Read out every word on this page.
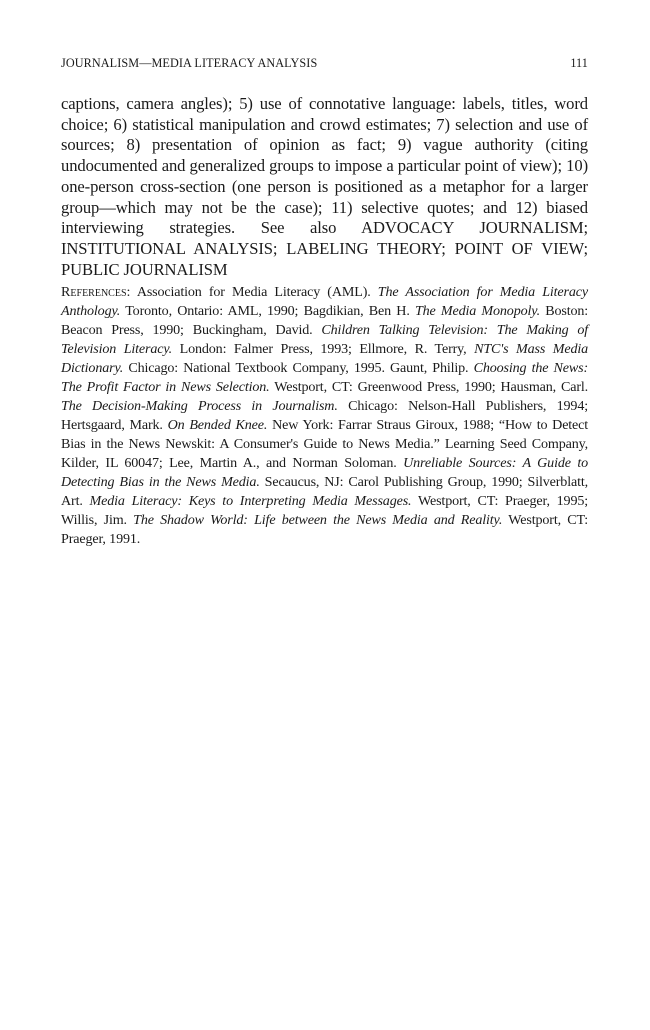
JOURNALISM—MEDIA LITERACY ANALYSIS	111

captions, camera angles); 5) use of connotative language: labels, titles, word choice; 6) statistical manipulation and crowd estimates; 7) selection and use of sources; 8) presentation of opinion as fact; 9) vague authority (citing undocumented and generalized groups to impose a particular point of view); 10) one-person cross-section (one person is positioned as a metaphor for a larger group—which may not be the case); 11) selective quotes; and 12) biased interviewing strategies. See also ADVOCACY JOURNALISM; INSTITUTIONAL ANALYSIS; LABELING THEORY; POINT OF VIEW; PUBLIC JOURNALISM

References: Association for Media Literacy (AML). The Association for Media Literacy Anthology. Toronto, Ontario: AML, 1990; Bagdikian, Ben H. The Media Monopoly. Boston: Beacon Press, 1990; Buckingham, David. Children Talking Television: The Making of Television Literacy. London: Falmer Press, 1993; Ellmore, R. Terry, NTC's Mass Media Dictionary. Chicago: National Textbook Company, 1995. Gaunt, Philip. Choosing the News: The Profit Factor in News Selection. Westport, CT: Greenwood Press, 1990; Hausman, Carl. The Decision-Making Process in Journalism. Chicago: Nelson-Hall Publishers, 1994; Hertsgaard, Mark. On Bended Knee. New York: Farrar Straus Giroux, 1988; “How to Detect Bias in the News Newskit: A Consumer's Guide to News Media.” Learning Seed Company, Kilder, IL 60047; Lee, Martin A., and Norman Soloman. Unreliable Sources: A Guide to Detecting Bias in the News Media. Secaucus, NJ: Carol Publishing Group, 1990; Silverblatt, Art. Media Literacy: Keys to Interpreting Media Messages. Westport, CT: Praeger, 1995; Willis, Jim. The Shadow World: Life between the News Media and Reality. Westport, CT: Praeger, 1991.
